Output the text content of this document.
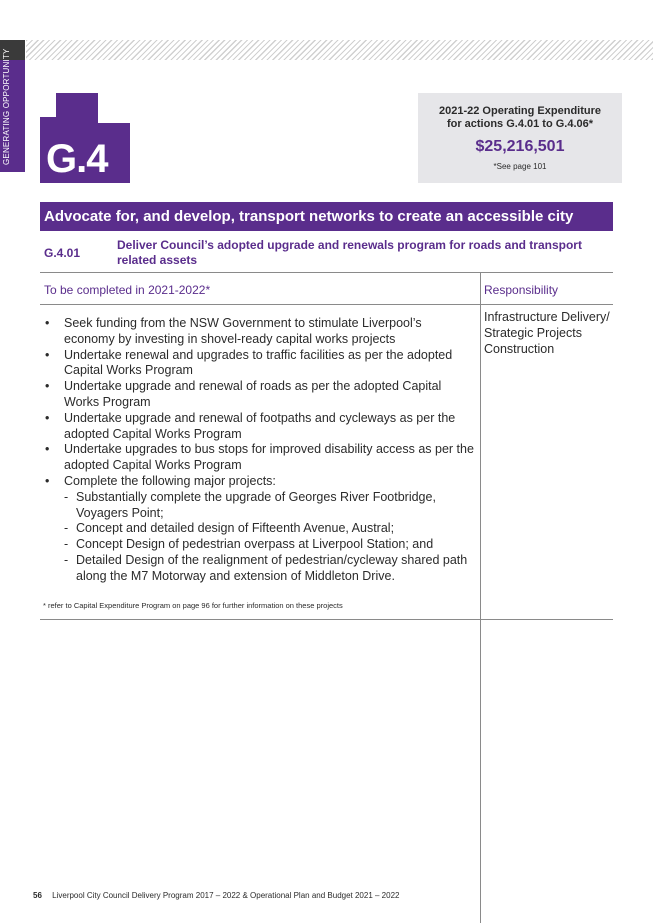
GENERATING OPPORTUNITY G.4
2021-22 Operating Expenditure for actions G.4.01 to G.4.06*
$25,216,501
*See page 101
Advocate for, and develop, transport networks to create an accessible city
G.4.01
Deliver Council’s adopted upgrade and renewals program for roads and transport related assets
To be completed in 2021-2022*	Responsibility
• Seek funding from the NSW Government to stimulate Liverpool’s economy by investing in shovel-ready capital works projects
• Undertake renewal and upgrades to traffic facilities as per the adopted Capital Works Program
• Undertake upgrade and renewal of roads as per the adopted Capital Works Program
• Undertake upgrade and renewal of footpaths and cycleways as per the adopted Capital Works Program
• Undertake upgrades to bus stops for improved disability access as per the adopted Capital Works Program
• Complete the following major projects:
- Substantially complete the upgrade of Georges River Footbridge, Voyagers Point;
- Concept and detailed design of Fifteenth Avenue, Austral;
- Concept Design of pedestrian overpass at Liverpool Station; and
- Detailed Design of the realignment of pedestrian/cycleway shared path along the M7 Motorway and extension of Middleton Drive.
* refer to Capital Expenditure Program on page 96 for further information on these projects
Infrastructure Delivery/
Strategic Projects
Construction
56 Liverpool City Council Delivery Program 2017 – 2022 & Operational Plan and Budget 2021 – 2022
